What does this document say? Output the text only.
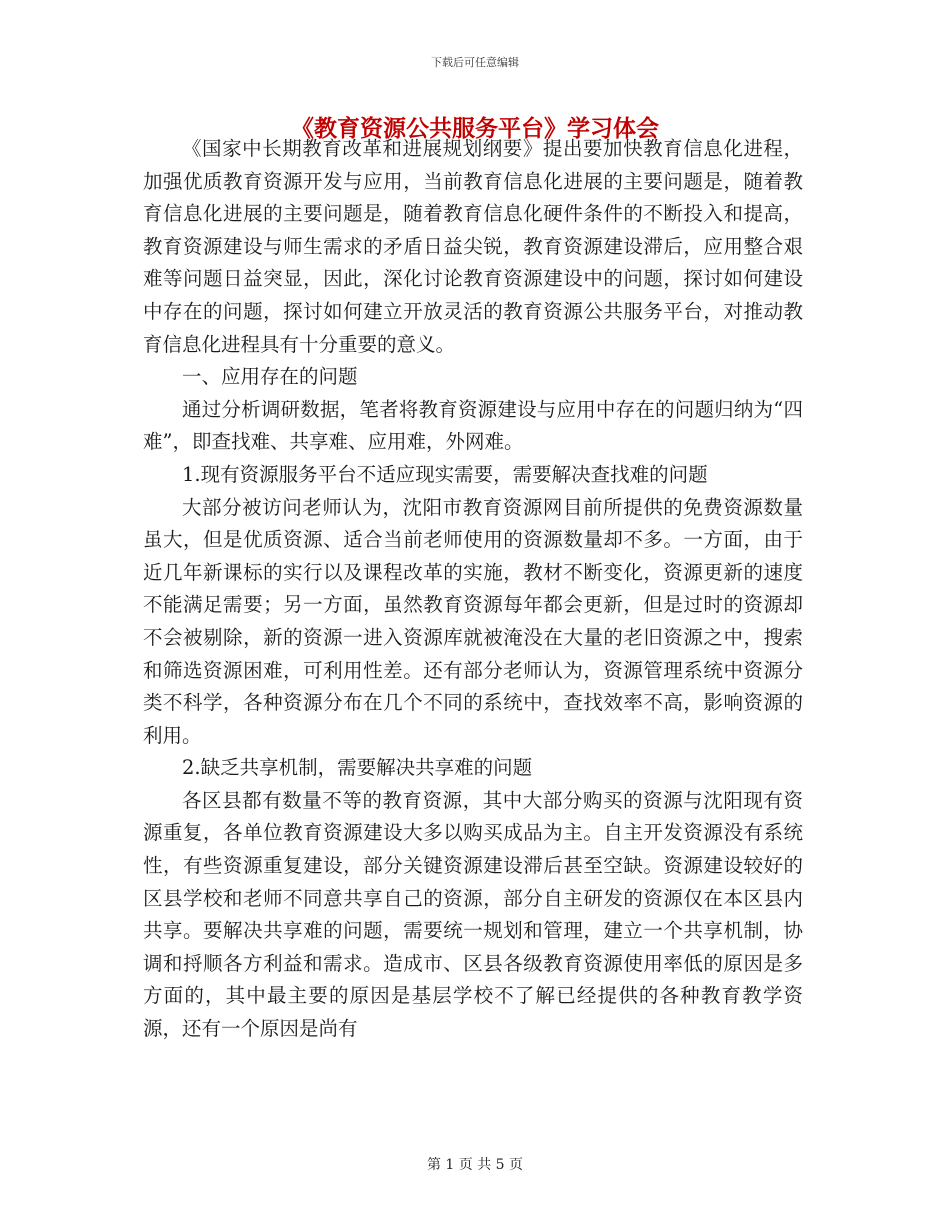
下载后可任意编辑
《教育资源公共服务平台》学习体会

《国家中长期教育改革和进展规划纲要》提出要加快教育信息化进程，加强优质教育资源开发与应用，当前教育信息化进展的主要问题是，随着教育信息化进展的主要问题是，随着教育信息化硬件条件的不断投入和提高，教育资源建设与师生需求的矛盾日益尖锐，教育资源建设滞后，应用整合艰难等问题日益突显，因此，深化讨论教育资源建设中的问题，探讨如何建设中存在的问题，探讨如何建立开放灵活的教育资源公共服务平台，对推动教育信息化进程具有十分重要的意义。

一、应用存在的问题

通过分析调研数据，笔者将教育资源建设与应用中存在的问题归纳为“四难”，即查找难、共享难、应用难，外网难。

1.现有资源服务平台不适应现实需要，需要解决查找难的问题

大部分被访问老师认为，沈阳市教育资源网目前所提供的免费资源数量虽大，但是优质资源、适合当前老师使用的资源数量却不多。一方面，由于近几年新课标的实行以及课程改革的实施，教材不断变化，资源更新的速度不能满足需要；另一方面，虽然教育资源每年都会更新，但是过时的资源却不会被剔除，新的资源一进入资源库就被淹没在大量的老旧资源之中，搜索和筛选资源困难，可利用性差。还有部分老师认为，资源管理系统中资源分类不科学，各种资源分布在几个不同的系统中，查找效率不高，影响资源的利用。

2.缺乏共享机制，需要解决共享难的问题

各区县都有数量不等的教育资源，其中大部分购买的资源与沈阳现有资源重复，各单位教育资源建设大多以购买成品为主。自主开发资源没有系统性，有些资源重复建设，部分关键资源建设滞后甚至空缺。资源建设较好的区县学校和老师不同意共享自己的资源，部分自主研发的资源仅在本区县内共享。要解决共享难的问题，需要统一规划和管理，建立一个共享机制，协调和捋顺各方利益和需求。造成市、区县各级教育资源使用率低的原因是多方面的，其中最主要的原因是基层学校不了解已经提供的各种教育教学资源，还有一个原因是尚有

第 1 页 共 5 页
